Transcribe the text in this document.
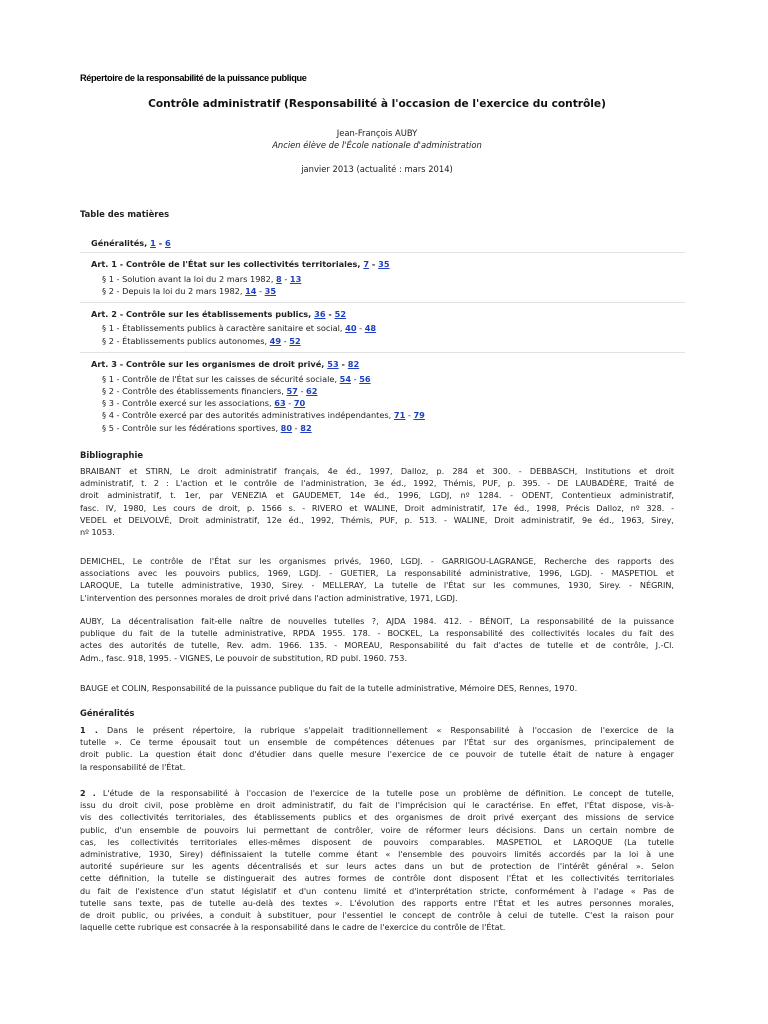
Répertoire de la responsabilité de la puissance publique
Contrôle administratif (Responsabilité à l'occasion de l'exercice du contrôle)
Jean-François AUBY
Ancien élève de l'École nationale d'administration
janvier 2013 (actualité : mars 2014)
Table des matières
Généralités, 1 - 6
Art. 1 - Contrôle de l'État sur les collectivités territoriales, 7 - 35
§ 1 - Solution avant la loi du 2 mars 1982, 8 - 13
§ 2 - Depuis la loi du 2 mars 1982, 14 - 35
Art. 2 - Contrôle sur les établissements publics, 36 - 52
§ 1 - Établissements publics à caractère sanitaire et social, 40 - 48
§ 2 - Établissements publics autonomes, 49 - 52
Art. 3 - Contrôle sur les organismes de droit privé, 53 - 82
§ 1 - Contrôle de l'État sur les caisses de sécurité sociale, 54 - 56
§ 2 - Contrôle des établissements financiers, 57 - 62
§ 3 - Contrôle exercé sur les associations, 63 - 70
§ 4 - Contrôle exercé par des autorités administratives indépendantes, 71 - 79
§ 5 - Contrôle sur les fédérations sportives, 80 - 82
Bibliographie
BRAIBANT et STIRN, Le droit administratif français, 4e éd., 1997, Dalloz, p. 284 et 300. - DEBBASCH, Institutions et droit
administratif, t. 2 : L'action et le contrôle de l'administration, 3e éd., 1992, Thémis, PUF, p. 395. - DE LAUBADÈRE, Traité de
droit administratif, t. 1er, par VENEZIA et GAUDEMET, 14e éd., 1996, LGDJ, nº 1284. - ODENT, Contentieux administratif,
fasc. IV, 1980, Les cours de droit, p. 1566 s. - RIVERO et WALINE, Droit administratif, 17e éd., 1998, Précis Dalloz, nº 328. -
VEDEL et DELVOLVÉ, Droit administratif, 12e éd., 1992, Thémis, PUF, p. 513. - WALINE, Droit administratif, 9e éd., 1963, Sirey,
nº 1053.
DEMICHEL, Le contrôle de l'État sur les organismes privés, 1960, LGDJ. - GARRIGOU-LAGRANGE, Recherche des rapports des
associations avec les pouvoirs publics, 1969, LGDJ. - GUETIER, La responsabilité administrative, 1996, LGDJ. - MASPETIOL et
LAROQUE, La tutelle administrative, 1930, Sirey. - MELLERAY, La tutelle de l'État sur les communes, 1930, Sirey. - NÉGRIN,
L'intervention des personnes morales de droit privé dans l'action administrative, 1971, LGDJ.
AUBY, La décentralisation fait-elle naître de nouvelles tutelles ?, AJDA 1984. 412. - BÉNOIT, La responsabilité de la puissance
publique du fait de la tutelle administrative, RPDA 1955. 178. - BOCKEL, La responsabilité des collectivités locales du fait des
actes des autorités de tutelle, Rev. adm. 1966. 135. - MOREAU, Responsabilité du fait d'actes de tutelle et de contrôle, J.-Cl.
Adm., fasc. 918, 1995. - VIGNES, Le pouvoir de substitution, RD publ. 1960. 753.
BAUGE et COLIN, Responsabilité de la puissance publique du fait de la tutelle administrative, Mémoire DES, Rennes, 1970.
Généralités
1 . Dans le présent répertoire, la rubrique s'appelait traditionnellement « Responsabilité à l'occasion de l'exercice de la
tutelle ». Ce terme épousait tout un ensemble de compétences détenues par l'État sur des organismes, principalement de
droit public. La question était donc d'étudier dans quelle mesure l'exercice de ce pouvoir de tutelle était de nature à engager
la responsabilité de l'État.
2 . L'étude de la responsabilité à l'occasion de l'exercice de la tutelle pose un problème de définition. Le concept de tutelle,
issu du droit civil, pose problème en droit administratif, du fait de l'imprécision qui le caractérise. En effet, l'État dispose, vis-à-
vis des collectivités territoriales, des établissements publics et des organismes de droit privé exerçant des missions de service
public, d'un ensemble de pouvoirs lui permettant de contrôler, voire de réformer leurs décisions. Dans un certain nombre de
cas, les collectivités territoriales elles-mêmes disposent de pouvoirs comparables. MASPETIOL et LAROQUE (La tutelle
administrative, 1930, Sirey) définissaient la tutelle comme étant « l'ensemble des pouvoirs limités accordés par la loi à une
autorité supérieure sur les agents décentralisés et sur leurs actes dans un but de protection de l'intérêt général ». Selon
cette définition, la tutelle se distinguerait des autres formes de contrôle dont disposent l'État et les collectivités territoriales
du fait de l'existence d'un statut législatif et d'un contenu limité et d'interprétation stricte, conformément à l'adage « Pas de
tutelle sans texte, pas de tutelle au-delà des textes ». L'évolution des rapports entre l'État et les autres personnes morales,
de droit public, ou privées, a conduit à substituer, pour l'essentiel le concept de contrôle à celui de tutelle. C'est la raison pour
laquelle cette rubrique est consacrée à la responsabilité dans le cadre de l'exercice du contrôle de l'État.
